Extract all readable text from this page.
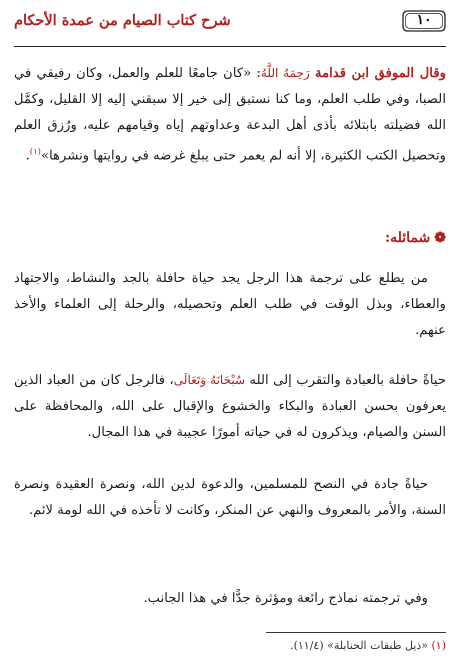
١٠
شرح كتاب الصيام من عمدة الأحكام
وقال الموفق ابن قدامة رَحِمَهُ اللَّهُ: «كان جامعًا للعلم والعمل، وكان رفيقي في الصبا، وفي طلب العلم، وما كنا نستبق إلى خير إلا سبقني إليه إلا القليل، وكمَّل الله فضيلته بابتلائه بأذى أهل البدعة وعداوتهم إياه وقيامهم عليه، ورُزق العلم وتحصيل الكتب الكثيرة، إلا أنه لم يعمر حتى يبلغ غرضه في روايتها ونشرها»$^{(١)}$.
❁شمائله:
من يطلع على ترجمة هذا الرجل يجد حياة حافلة بالجد والنشاط، والاجتهاد والعطاء، وبذل الوقت في طلب العلم وتحصيله، والرحلة إلى العلماء والأخذ عنهم.
حياةً حافلة بالعبادة والتقرب إلى الله سُبْحَانَهُ وَتَعَالَى، فالرجل كان من العباد الذين يعرفون بحسن العبادة والبكاء والخشوع والإقبال على الله، والمحافظة على السنن والصيام، ويذكرون له في حياته أمورًا عجيبة في هذا المجال.
حياةً جادة في النصح للمسلمين، والدعوة لدين الله، ونصرة العقيدة ونصرة السنة، والأمر بالمعروف والنهي عن المنكر، وكانت لا تأخذه في الله لومة لائم.
وفي ترجمته نماذج رائعة ومؤثرة جدًّا في هذا الجانب.
(١) «ذيل طبقات الحنابلة» (١١/٤).
